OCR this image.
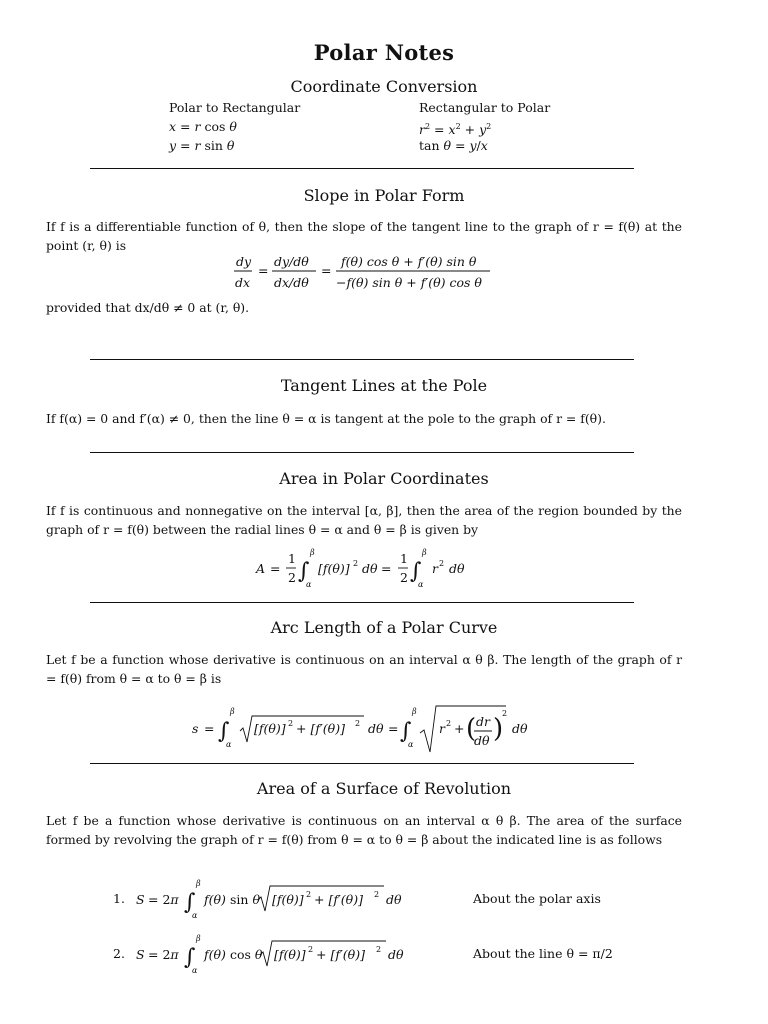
Polar Notes
Coordinate Conversion
Polar to Rectangular
x = r cos θ
y = r sin θ
Rectangular to Polar
$r^2 = x^2 + y^2$
tan θ = y/x
Slope in Polar Form
If f is a differentiable function of θ, then the slope of the tangent line to the graph of r = f(θ) at the point (r, θ) is
dy
dx
=
dy/dθ
dx/dθ
=
f(θ) cos θ + f′(θ) sin θ
−f(θ) sin θ + f′(θ) cos θ
provided that dx/dθ ≠ 0 at (r, θ).
Tangent Lines at the Pole
If f(α) = 0 and f′(α) ≠ 0, then the line θ = α is tangent at the pole to the graph of r = f(θ).
Area in Polar Coordinates
If f is continuous and nonnegative on the interval [α, β], then the area of the region bounded by the graph of r = f(θ) between the radial lines θ = α and θ = β is given by
A =
1
2 ∫
β
α
[f(θ)] 2 dθ =
1
2 ∫
β
α
r 2 dθ
Arc Length of a Polar Curve
Let f be a function whose derivative is continuous on an interval α θ β. The length of the graph of r = f(θ) from θ = α to θ = β is
s = ∫
β
α
[f(θ)] 2 + [f′(θ)] 2 dθ = ∫
β
α
r 2 + ( dr
dθ )
2
dθ
Area of a Surface of Revolution
Let f be a function whose derivative is continuous on an interval α θ β. The area of the surface formed by revolving the graph of r = f(θ) from θ = α to θ = β about the indicated line is as follows
1. S = 2π ∫
β
α
f(θ) sin θ [f(θ)] 2 + [f′(θ)] 2 dθ	About the polar axis
2. S = 2π ∫
β
α
f(θ) cos θ [f(θ)] 2 + [f′(θ)] 2 dθ	About the line θ = π/2
